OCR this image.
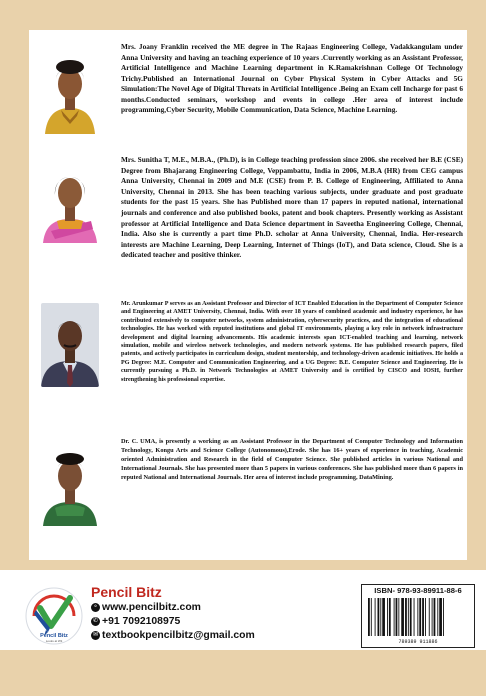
Mrs. Joany Franklin received the ME degree in The Rajaas Engineering College, Vadakkangulam under Anna University and having an teaching experience of 10 years .Currently working as an Assistant Professor, Artificial Intelligence and Machine Learning department in K.Ramakrishnan College Of Technology Trichy.Published an International Journal on Cyber Physical System in Cyber Attacks and 5G Simulation:The Novel Age of Digital Threats in Artificial Intelligence .Being an Exam cell Incharge for past 6 months.Conducted seminars, workshop and events in college .Her area of interest include programming,Cyber Security, Mobile Communication, Data Science, Machine Learning.

Mrs. Sunitha T, M.E., M.B.A., (Ph.D), is in College teaching profession since 2006. she received her B.E (CSE) Degree from Bhajarang Engineering College, Veppambattu, India in 2006, M.B.A (HR) from CEG campus Anna University, Chennai in 2009 and M.E (CSE) from P. B. College of Engineering, Affiliated to Anna University, Chennai in 2013. She has been teaching various subjects, under graduate and post graduate students for the past 15 years. She has Published more than 17 papers in reputed national, international journals and conference and also published books, patent and book chapters. Presently working as Assistant professor at Artificial Intelligence and Data Science department in Saveetha Engineering College, Chennai, India. Also she is currently a part time Ph.D. scholar at Anna University, Chennai, India. Her-research interests are Machine Learning, Deep Learning, Internet of Things (IoT), and Data science, Cloud. She is a dedicated teacher and positive thinker.

Mr. Arunkumar P serves as an Assistant Professor and Director of ICT Enabled Education in the Department of Computer Science and Engineering at AMET University, Chennai, India. With over 18 years of combined academic and industry experience, he has contributed extensively to computer networks, system administration, cybersecurity practices, and the integration of educational technologies. He has worked with reputed institutions and global IT environments, playing a key role in network infrastructure development and digital learning advancements. His academic interests span ICT-enabled teaching and learning, network simulation, mobile and wireless network technologies, and modern network systems. He has published research papers, filed patents, and actively participates in curriculum design, student mentorship, and technology-driven academic initiatives. He holds a PG Degree: M.E. Computer and Communication Engineering, and a UG Degree: B.E. Computer Science and Engineering. He is currently pursuing a Ph.D. in Network Technologies at AMET University and is certified by CISCO and IOSH, further strengthening his professional expertise.

Dr. C. UMA, is presently a working as an Assistant Professor in the Department of Computer Technology and Information Technology, Kongu Arts and Science College (Autonomous),Erode. She has 16+ years of experience in teaching, Academic oriented Administration and Research in the field of Computer Science. She published articles in various National and International Journals. She has presented more than 5 papers in various conferences. She has published more than 6 papers in reputed National and International Journals. Her area of interest include programming, DataMining.

Pencil Bitz
Looks at Wit
Pencil Bitz
⚬ www.pencilbitz.com
✆ +91 7092108975
✉ textbookpencilbitz@gmail.com
ISBN- 978-93-89911-88-6
789389 911886
